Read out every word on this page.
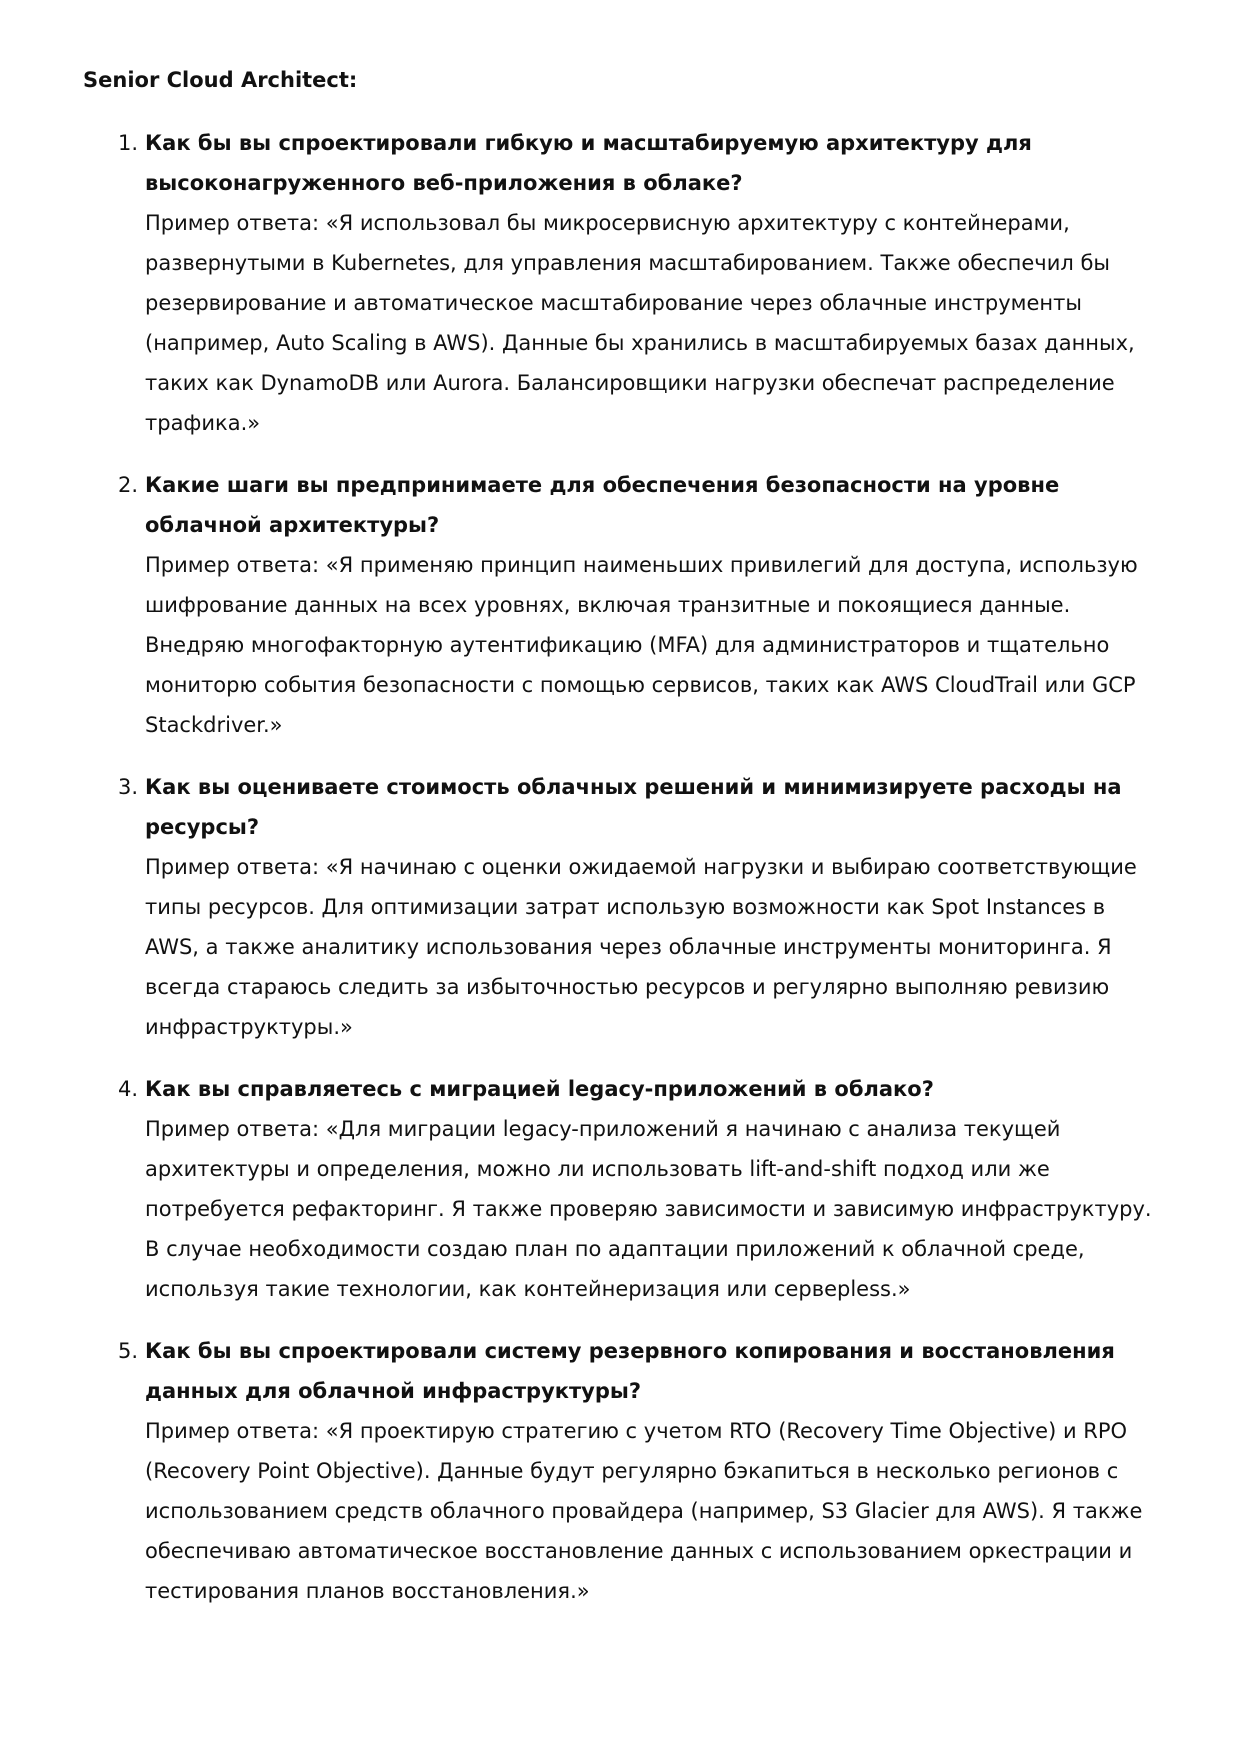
Senior Cloud Architect:

1. Как бы вы спроектировали гибкую и масштабируемую архитектуру для высоконагруженного веб-приложения в облаке?
Пример ответа: «Я использовал бы микросервисную архитектуру с контейнерами, развернутыми в Kubernetes, для управления масштабированием. Также обеспечил бы резервирование и автоматическое масштабирование через облачные инструменты (например, Auto Scaling в AWS). Данные бы хранились в масштабируемых базах данных, таких как DynamoDB или Aurora. Балансировщики нагрузки обеспечат распределение трафика.»
2. Какие шаги вы предпринимаете для обеспечения безопасности на уровне облачной архитектуры?
Пример ответа: «Я применяю принцип наименьших привилегий для доступа, использую шифрование данных на всех уровнях, включая транзитные и покоящиеся данные. Внедряю многофакторную аутентификацию (MFA) для администраторов и тщательно мониторю события безопасности с помощью сервисов, таких как AWS CloudTrail или GCP Stackdriver.»
3. Как вы оцениваете стоимость облачных решений и минимизируете расходы на ресурсы?
Пример ответа: «Я начинаю с оценки ожидаемой нагрузки и выбираю соответствующие типы ресурсов. Для оптимизации затрат использую возможности как Spot Instances в AWS, а также аналитику использования через облачные инструменты мониторинга. Я всегда стараюсь следить за избыточностью ресурсов и регулярно выполняю ревизию инфраструктуры.»
4. Как вы справляетесь с миграцией legacy-приложений в облако?
Пример ответа: «Для миграции legacy-приложений я начинаю с анализа текущей архитектуры и определения, можно ли использовать lift-and-shift подход или же потребуется рефакторинг. Я также проверяю зависимости и зависимую инфраструктуру. В случае необходимости создаю план по адаптации приложений к облачной среде, используя такие технологии, как контейнеризация или серверless.»
5. Как бы вы спроектировали систему резервного копирования и восстановления данных для облачной инфраструктуры?
Пример ответа: «Я проектирую стратегию с учетом RTO (Recovery Time Objective) и RPO (Recovery Point Objective). Данные будут регулярно бэкапиться в несколько регионов с использованием средств облачного провайдера (например, S3 Glacier для AWS). Я также обеспечиваю автоматическое восстановление данных с использованием оркестрации и тестирования планов восстановления.»
